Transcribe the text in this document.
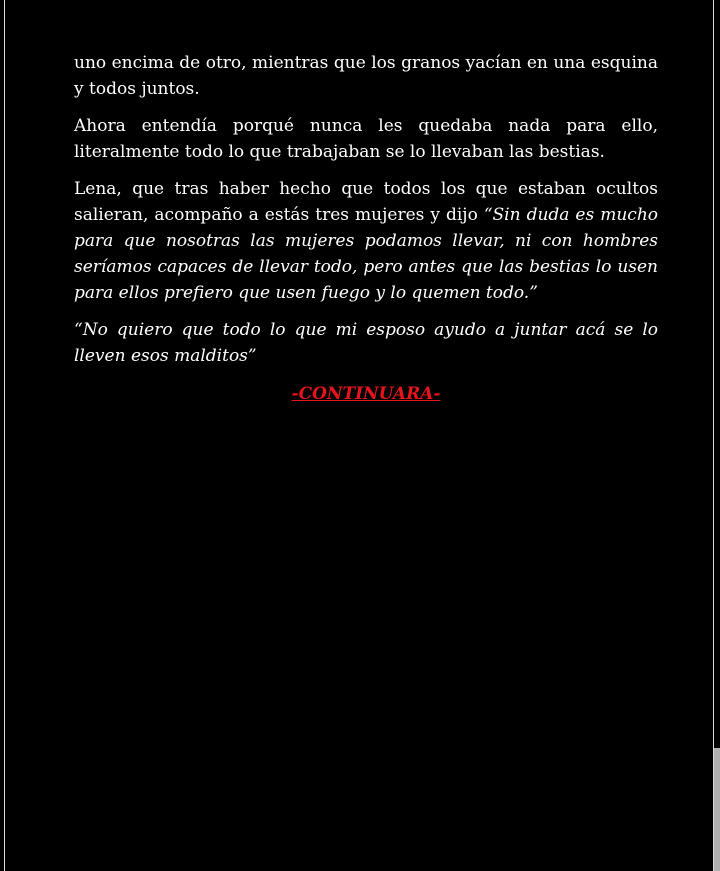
uno encima de otro, mientras que los granos yacían en una esquina y todos juntos.

Ahora entendía porqué nunca les quedaba nada para ello, literalmente todo lo que trabajaban se lo llevaban las bestias.

Lena, que tras haber hecho que todos los que estaban ocultos salieran, acompaño a estás tres mujeres y dijo “Sin duda es mucho para que nosotras las mujeres podamos llevar, ni con hombres seríamos capaces de llevar todo, pero antes que las bestias lo usen para ellos prefiero que usen fuego y lo quemen todo.”

“No quiero que todo lo que mi esposo ayudo a juntar acá se lo lleven esos malditos”

-CONTINUARA-
